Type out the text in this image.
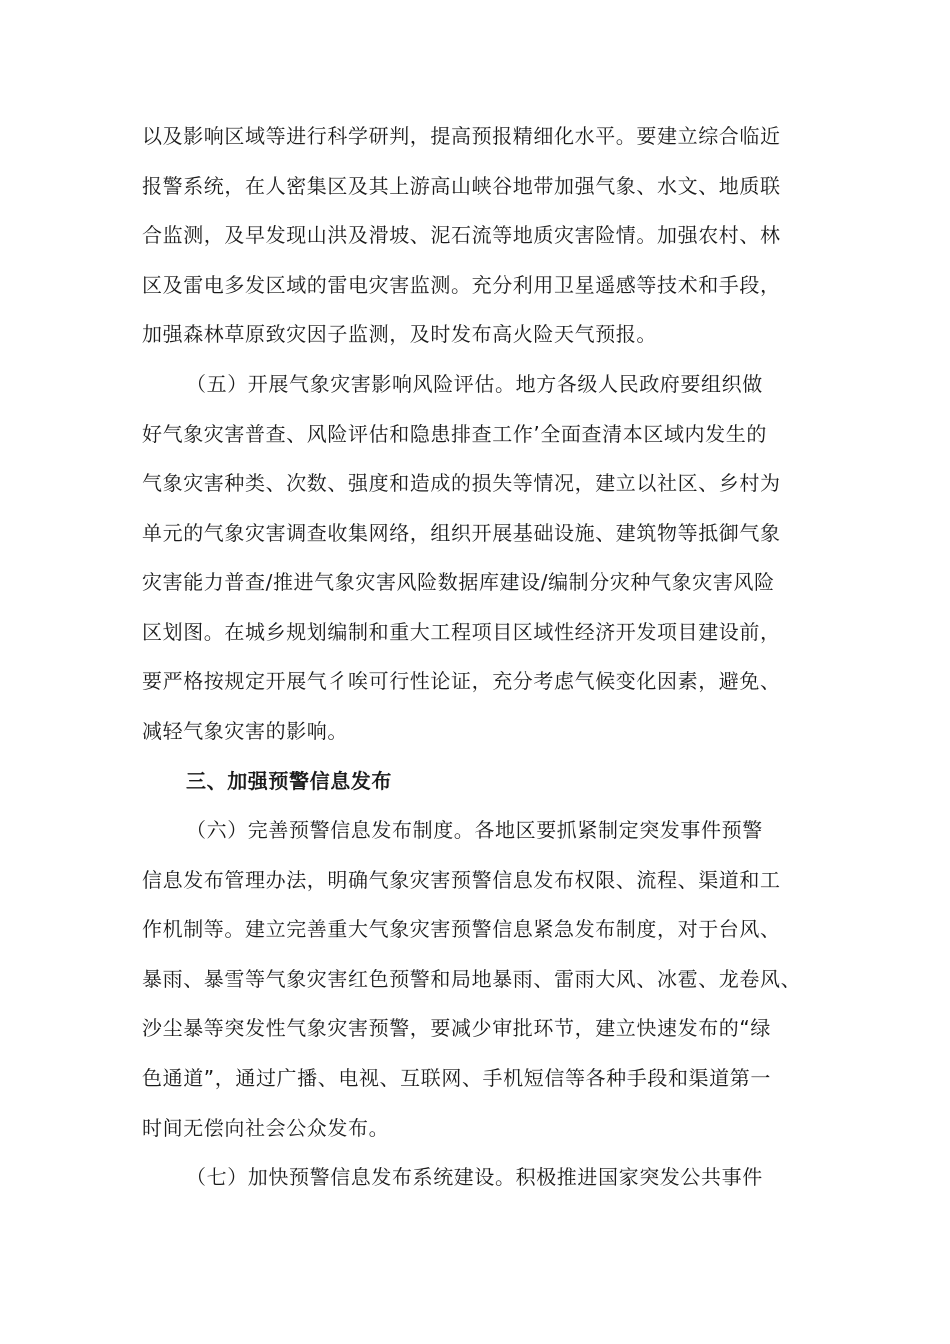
以及影响区域等进行科学研判，提高预报精细化水平。要建立综合临近
报警系统，在人密集区及其上游高山峡谷地带加强气象、水文、地质联
合监测，及早发现山洪及滑坡、泥石流等地质灾害险情。加强农村、林
区及雷电多发区域的雷电灾害监测。充分利用卫星遥感等技术和手段，
加强森林草原致灾因子监测，及时发布高火险天气预报。
（五）开展气象灾害影响风险评估。地方各级人民政府要组织做
好气象灾害普查、风险评估和隐患排查工作’全面查清本区域内发生的
气象灾害种类、次数、强度和造成的损失等情况，建立以社区、乡村为
单元的气象灾害调查收集网络，组织开展基础设施、建筑物等抵御气象
灾害能力普查/推进气象灾害风险数据库建设/编制分灾种气象灾害风险
区划图。在城乡规划编制和重大工程项目区域性经济开发项目建设前，
要严格按规定开展气彳唉可行性论证，充分考虑气候变化因素，避免、
减轻气象灾害的影响。
三、加强预警信息发布
（六）完善预警信息发布制度。各地区要抓紧制定突发事件预警
信息发布管理办法，明确气象灾害预警信息发布权限、流程、渠道和工
作机制等。建立完善重大气象灾害预警信息紧急发布制度，对于台风、
暴雨、暴雪等气象灾害红色预警和局地暴雨、雷雨大风、冰雹、龙卷风、
沙尘暴等突发性气象灾害预警，要减少审批环节，建立快速发布的“绿
色通道”，通过广播、电视、互联网、手机短信等各种手段和渠道第一
时间无偿向社会公众发布。
（七）加快预警信息发布系统建设。积极推进国家突发公共事件
